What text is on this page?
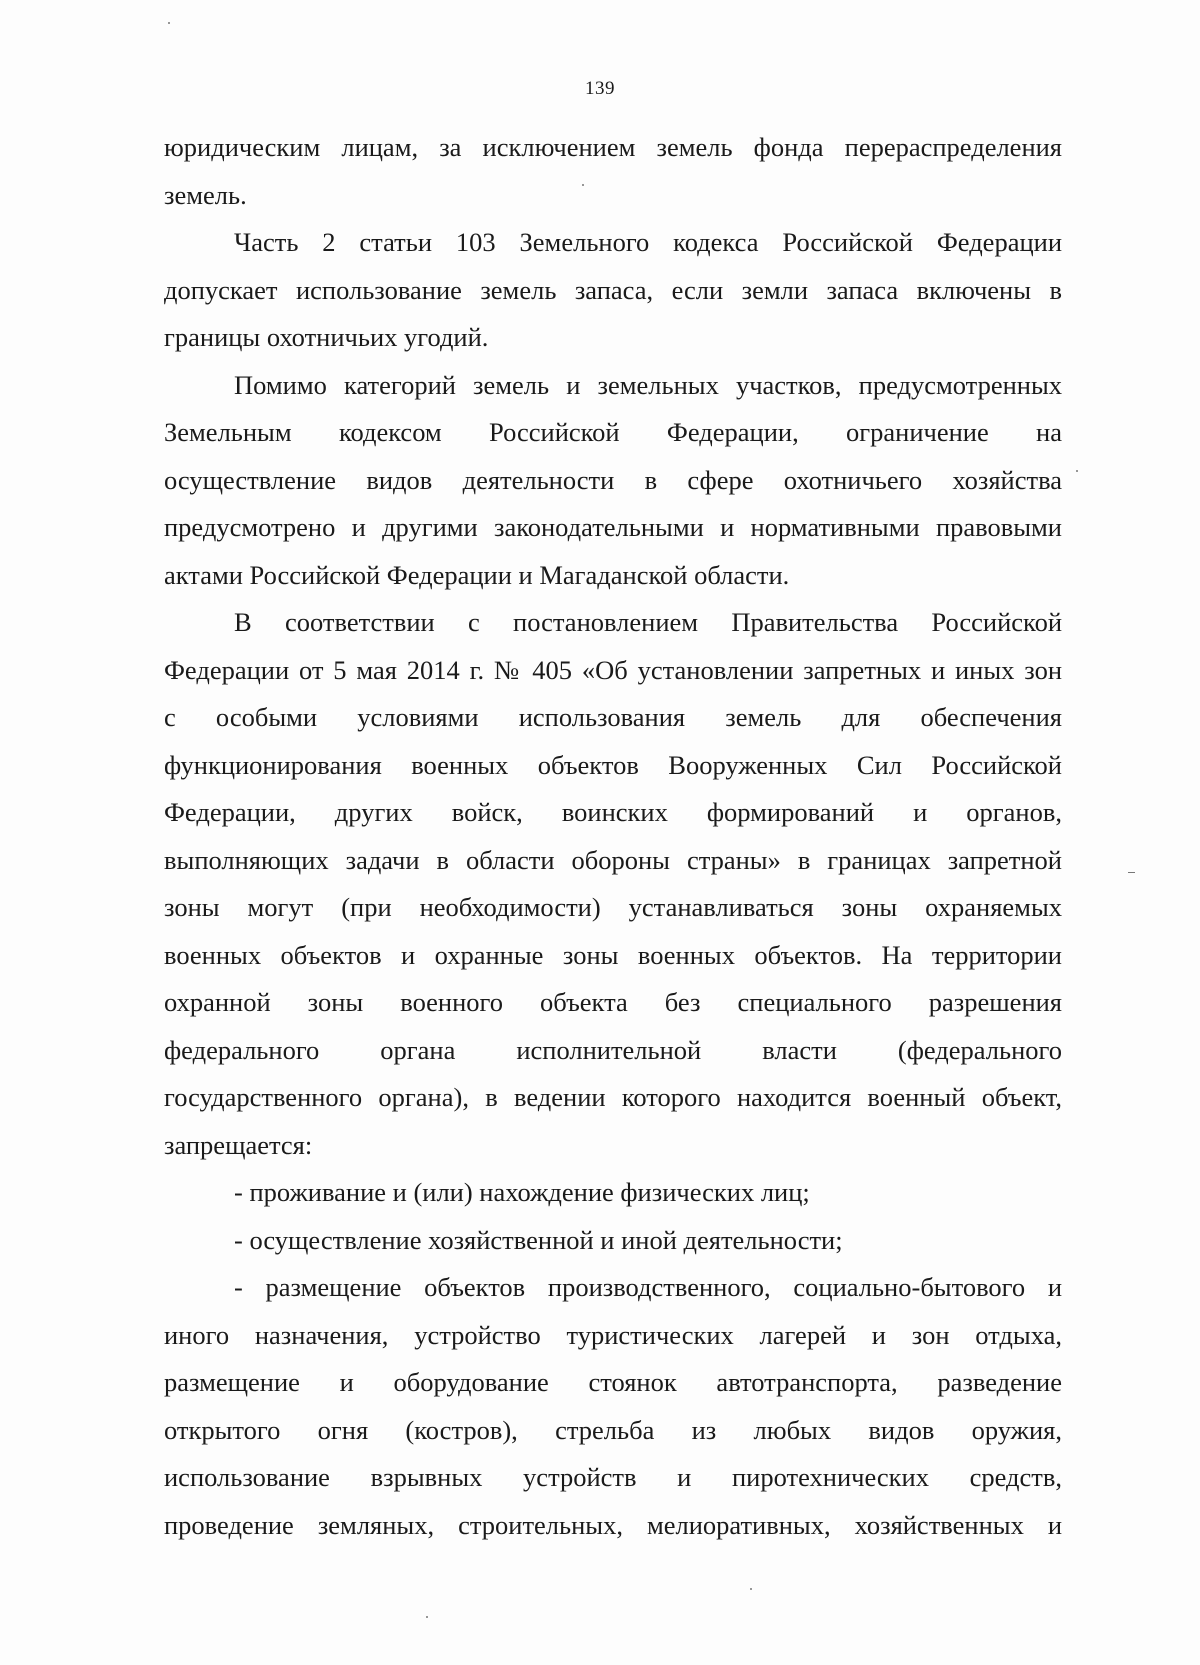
139
юридическим лицам, за исключением земель фонда перераспределения
земель.
Часть 2 статьи 103 Земельного кодекса Российской Федерации
допускает использование земель запаса, если земли запаса включены в
границы охотничьих угодий.
Помимо категорий земель и земельных участков, предусмотренных
Земельным кодексом Российской Федерации, ограничение на
осуществление видов деятельности в сфере охотничьего хозяйства
предусмотрено и другими законодательными и нормативными правовыми
актами Российской Федерации и Магаданской области.
В соответствии с постановлением Правительства Российской
Федерации от 5 мая 2014 г. № 405 «Об установлении запретных и иных зон
с особыми условиями использования земель для обеспечения
функционирования военных объектов Вооруженных Сил Российской
Федерации, других войск, воинских формирований и органов,
выполняющих задачи в области обороны страны» в границах запретной
зоны могут (при необходимости) устанавливаться зоны охраняемых
военных объектов и охранные зоны военных объектов. На территории
охранной зоны военного объекта без специального разрешения
федерального органа исполнительной власти (федерального
государственного органа), в ведении которого находится военный объект,
запрещается:
- проживание и (или) нахождение физических лиц;
- осуществление хозяйственной и иной деятельности;
- размещение объектов производственного, социально-бытового и
иного назначения, устройство туристических лагерей и зон отдыха,
размещение и оборудование стоянок автотранспорта, разведение
открытого огня (костров), стрельба из любых видов оружия,
использование взрывных устройств и пиротехнических средств,
проведение земляных, строительных, мелиоративных, хозяйственных и
